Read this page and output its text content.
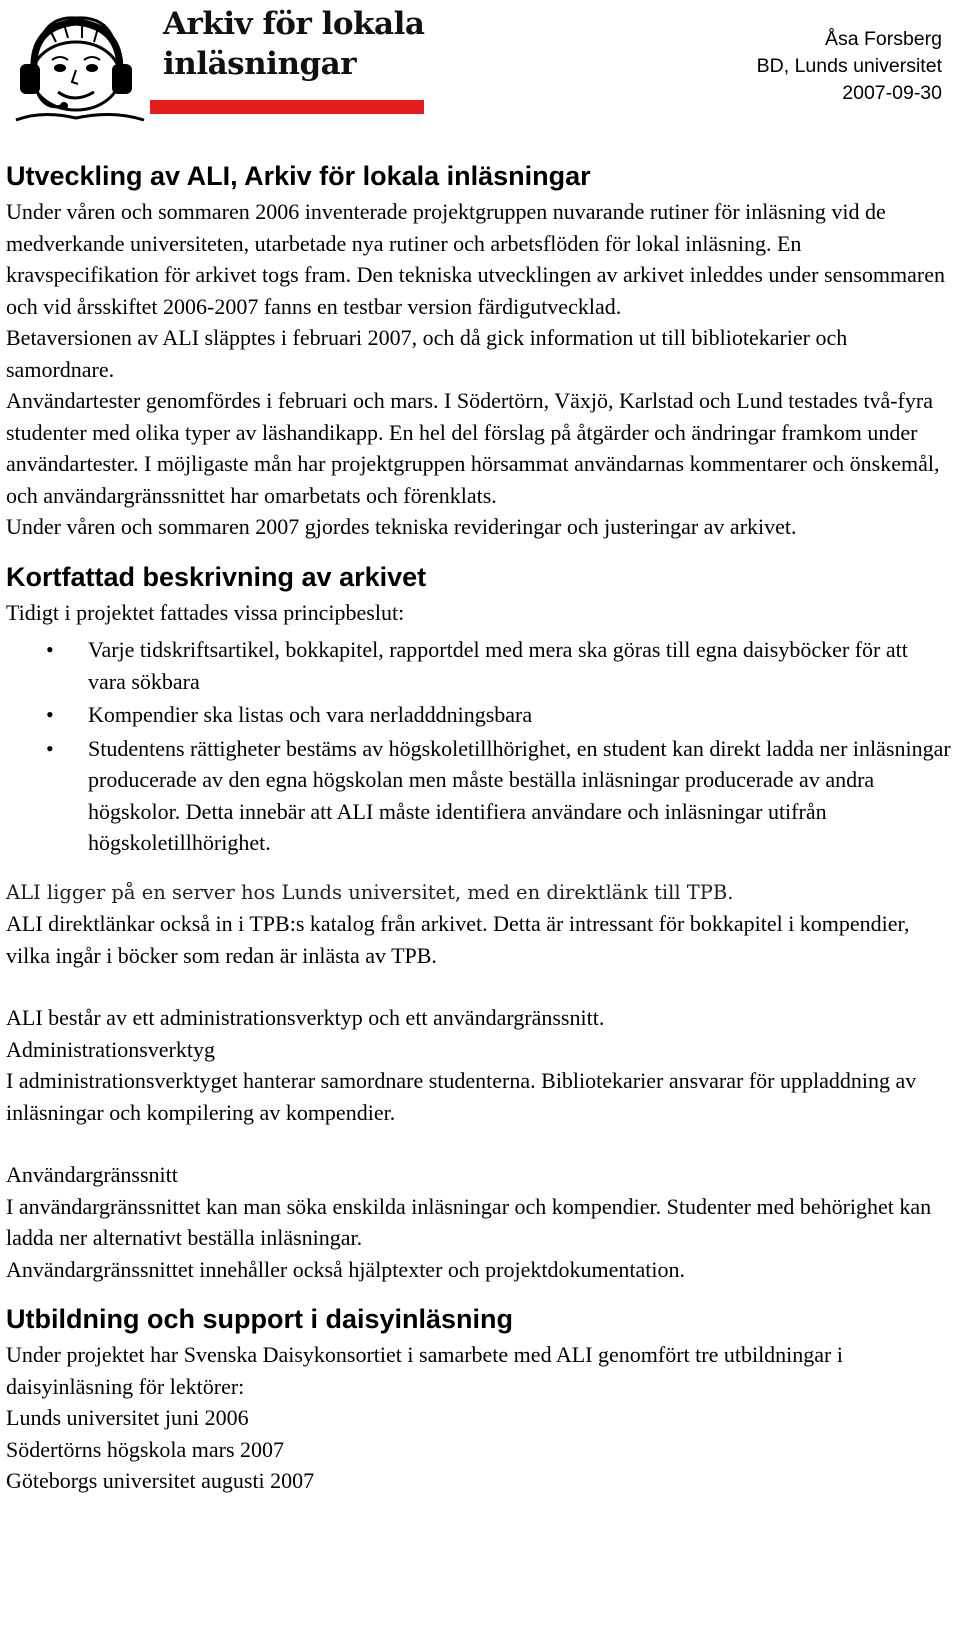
Arkiv för lokala
inläsningar
Åsa Forsberg
BD, Lunds universitet
2007-09-30
Utveckling av ALI, Arkiv för lokala inläsningar

Under våren och sommaren 2006 inventerade projektgruppen nuvarande rutiner för inläsning vid de medverkande universiteten, utarbetade nya rutiner och arbetsflöden för lokal inläsning. En kravspecifikation för arkivet togs fram. Den tekniska utvecklingen av arkivet inleddes under sensommaren och vid årsskiftet 2006-2007 fanns en testbar version färdigutvecklad.

Betaversionen av ALI släpptes i februari 2007, och då gick information ut till bibliotekarier och samordnare.

Användartester genomfördes i februari och mars. I Södertörn, Växjö, Karlstad och Lund testades två-fyra studenter med olika typer av läshandikapp. En hel del förslag på åtgärder och ändringar framkom under användartester. I möjligaste mån har projektgruppen hörsammat användarnas kommentarer och önskemål, och användargränssnittet har omarbetats och förenklats.

Under våren och sommaren 2007 gjordes tekniska revideringar och justeringar av arkivet.

Kortfattad beskrivning av arkivet

Tidigt i projektet fattades vissa principbeslut:

• Varje tidskriftsartikel, bokkapitel, rapportdel med mera ska göras till egna daisyböcker för att vara sökbara
• Kompendier ska listas och vara nerladddningsbara
• Studentens rättigheter bestäms av högskoletillhörighet, en student kan direkt ladda ner inläsningar producerade av den egna högskolan men måste beställa inläsningar producerade av andra högskolor. Detta innebär att ALI måste identifiera användare och inläsningar utifrån högskoletillhörighet.

ALI ligger på en server hos Lunds universitet, med en direktlänk till TPB.

ALI direktlänkar också in i TPB:s katalog från arkivet. Detta är intressant för bokkapitel i kompendier, vilka ingår i böcker som redan är inlästa av TPB.

ALI består av ett administrationsverktyp och ett användargränssnitt.

Administrationsverktyg

I administrationsverktyget hanterar samordnare studenterna. Bibliotekarier ansvarar för uppladdning av inläsningar och kompilering av kompendier.

Användargränssnitt

I användargränssnittet kan man söka enskilda inläsningar och kompendier. Studenter med behörighet kan ladda ner alternativt beställa inläsningar.

Användargränssnittet innehåller också hjälptexter och projektdokumentation.

Utbildning och support i daisyinläsning

Under projektet har Svenska Daisykonsortiet i samarbete med ALI genomfört tre utbildningar i daisyinläsning för lektörer:

Lunds universitet juni 2006

Södertörns högskola mars 2007

Göteborgs universitet augusti 2007
